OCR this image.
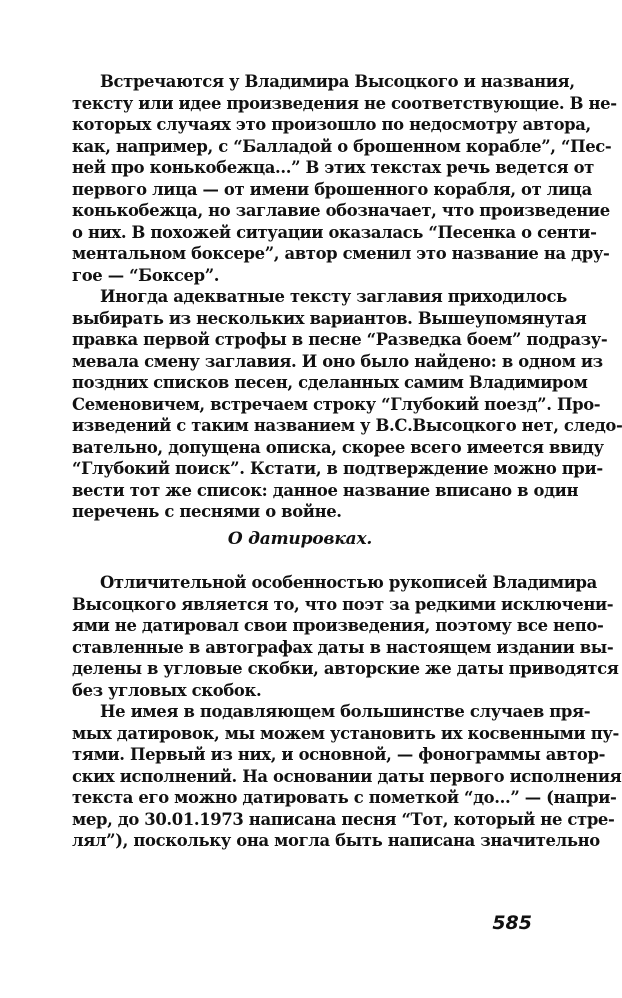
Встречаются у Владимира Высоцкого и названия,
тексту или идее произведения не соответствующие. В не-
которых случаях это произошло по недосмотру автора,
как, например, с “Балладой о брошенном корабле”, “Пес-
ней про конькобежца...” В этих текстах речь ведется от
первого лица — от имени брошенного корабля, от лица
конькобежца, но заглавие обозначает, что произведение
о них. В похожей ситуации оказалась “Песенка о сенти-
ментальном боксере”, автор сменил это название на дру-
гое — “Боксер”.
Иногда адекватные тексту заглавия приходилось
выбирать из нескольких вариантов. Вышеупомянутая
правка первой строфы в песне “Разведка боем” подразу-
мевала смену заглавия. И оно было найдено: в одном из
поздних списков песен, сделанных самим Владимиром
Семеновичем, встречаем строку “Глубокий поезд”. Про-
изведений с таким названием у В.С.Высоцкого нет, следо-
вательно, допущена описка, скорее всего имеется ввиду
“Глубокий поиск”. Кстати, в подтверждение можно при-
вести тот же список: данное название вписано в один
перечень с песнями о войне.
О датировках.
Отличительной особенностью рукописей Владимира
Высоцкого является то, что поэт за редкими исключени-
ями не датировал свои произведения, поэтому все непо-
ставленные в автографах даты в настоящем издании вы-
делены в угловые скобки, авторские же даты приводятся
без угловых скобок.
Не имея в подавляющем большинстве случаев пря-
мых датировок, мы можем установить их косвенными пу-
тями. Первый из них, и основной, — фонограммы автор-
ских исполнений. На основании даты первого исполнения
текста его можно датировать с пометкой “до...” — (напри-
мер, до 30.01.1973 написана песня “Тот, который не стре-
лял”), поскольку она могла быть написана значительно
585
